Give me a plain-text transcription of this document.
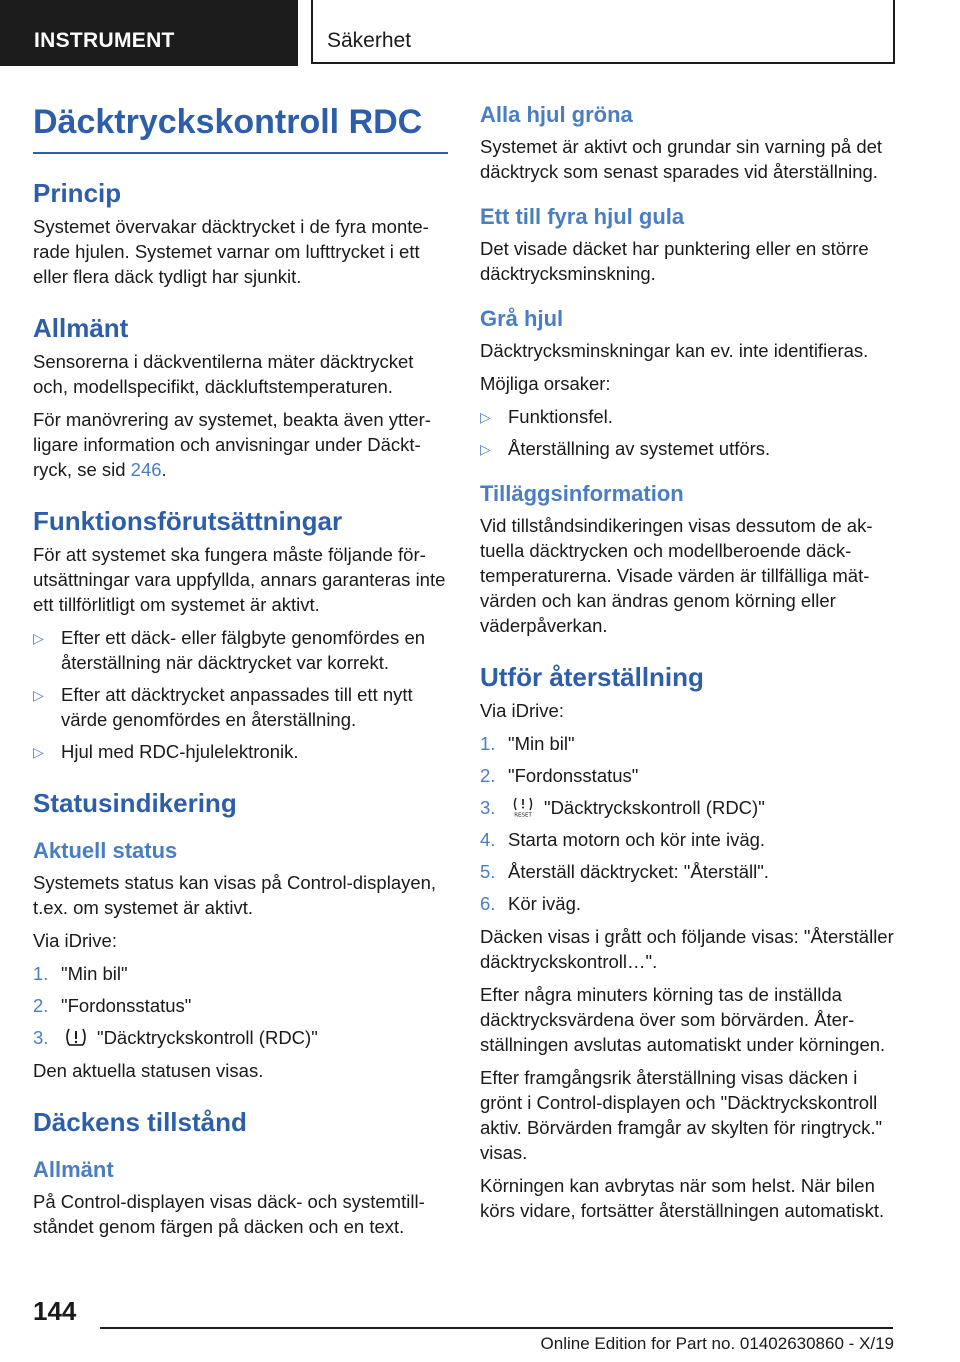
INSTRUMENT	Säkerhet
Däcktryckskontroll RDC
Princip

Systemet övervakar däcktrycket i de fyra monte-rade hjulen. Systemet varnar om lufttrycket i ett eller flera däck tydligt har sjunkit.

Allmänt

Sensorerna i däckventilerna mäter däcktrycket och, modellspecifikt, däckluftstemperaturen.

För manövrering av systemet, beakta även ytter-ligare information och anvisningar under Däckt-ryck, se sid 246.

Funktionsförutsättningar

För att systemet ska fungera måste följande för-utsättningar vara uppfyllda, annars garanteras inte ett tillförlitligt om systemet är aktivt.

▷ Efter ett däck- eller fälgbyte genomfördes en återställning när däcktrycket var korrekt.
▷ Efter att däcktrycket anpassades till ett nytt värde genomfördes en återställning.
▷ Hjul med RDC-hjulelektronik.
Statusindikering
Aktuell status

Systemets status kan visas på Control-displayen, t.ex. om systemet är aktivt.

Via iDrive:

1. "Min bil"
2. "Fordonsstatus"
3.	"Däcktryckskontroll (RDC)"

Den aktuella statusen visas.

Däckens tillstånd
Allmänt

På Control-displayen visas däck- och systemtill-ståndet genom färgen på däcken och en text.

Alla hjul gröna

Systemet är aktivt och grundar sin varning på det däcktryck som senast sparades vid återställning.

Ett till fyra hjul gula

Det visade däcket har punktering eller en större däcktrycksminskning.

Grå hjul

Däcktrycksminskningar kan ev. inte identifieras.

Möjliga orsaker:

▷ Funktionsfel.
▷ Återställning av systemet utförs.
Tilläggsinformation

Vid tillståndsindikeringen visas dessutom de ak-tuella däcktrycken och modellberoende däck-temperaturerna. Visade värden är tillfälliga mät-värden och kan ändras genom körning eller väderpåverkan.

Utför återställning

Via iDrive:

1. "Min bil"
2. "Fordonsstatus"
3.	RESET "Däcktryckskontroll (RDC)"
4. Starta motorn och kör inte iväg.
5. Återställ däcktrycket: "Återställ".
6. Kör iväg.

Däcken visas i grått och följande visas: "Återställer däcktryckskontroll…".

Efter några minuters körning tas de inställda däcktrycksvärdena över som börvärden. Åter-ställningen avslutas automatiskt under körningen.

Efter framgångsrik återställning visas däcken i grönt i Control-displayen och "Däcktryckskontroll aktiv. Börvärden framgår av skylten för ringtryck." visas.

Körningen kan avbrytas när som helst. När bilen körs vidare, fortsätter återställningen automatiskt.

144
Online Edition for Part no. 01402630860 - X/19
